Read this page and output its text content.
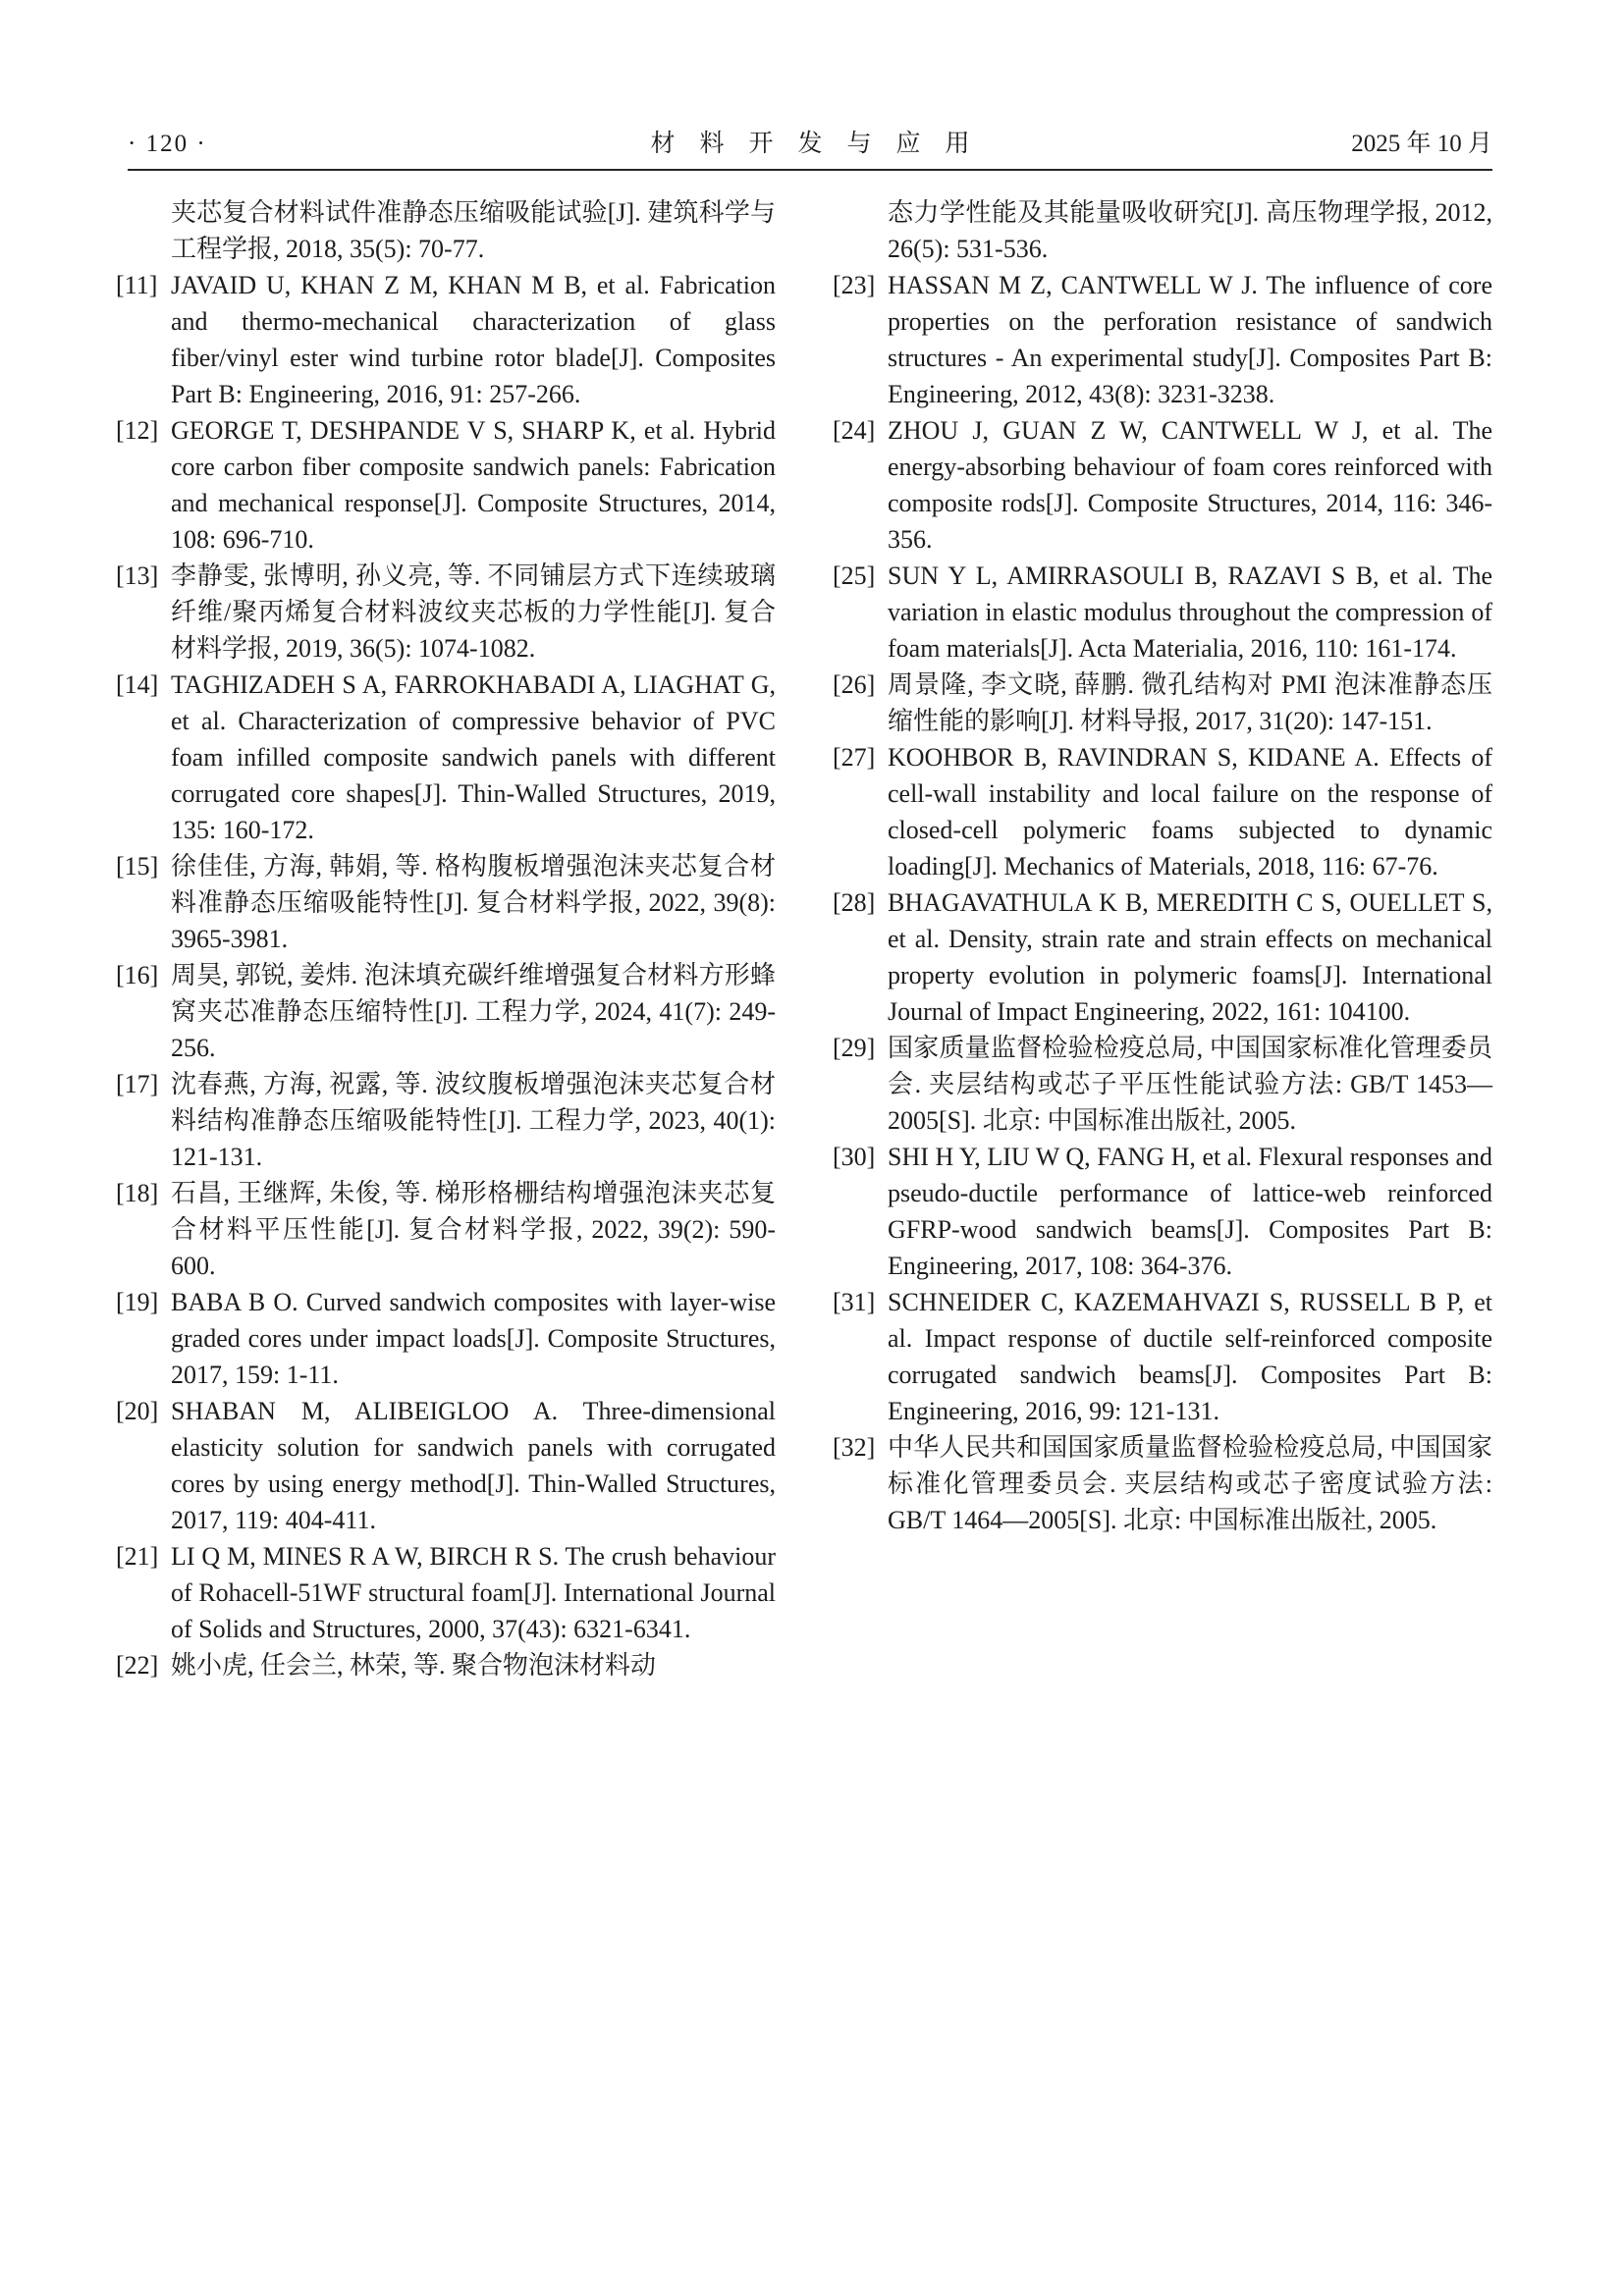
· 120 ·	材料开发与应用	2025 年 10 月
夹芯复合材料试件准静态压缩吸能试验[J]. 建筑科学与工程学报, 2018, 35(5): 70-77.
[11] JAVAID U, KHAN Z M, KHAN M B, et al. Fabrication and thermo-mechanical characterization of glass fiber/vinyl ester wind turbine rotor blade[J]. Composites Part B: Engineering, 2016, 91: 257-266.
[12] GEORGE T, DESHPANDE V S, SHARP K, et al. Hybrid core carbon fiber composite sandwich panels: Fabrication and mechanical response[J]. Composite Structures, 2014, 108: 696-710.
[13] 李静雯, 张博明, 孙义亮, 等. 不同铺层方式下连续玻璃纤维/聚丙烯复合材料波纹夹芯板的力学性能[J]. 复合材料学报, 2019, 36(5): 1074-1082.
[14] TAGHIZADEH S A, FARROKHABADI A, LIAGHAT G, et al. Characterization of compressive behavior of PVC foam infilled composite sandwich panels with different corrugated core shapes[J]. Thin-Walled Structures, 2019, 135: 160-172.
[15] 徐佳佳, 方海, 韩娟, 等. 格构腹板增强泡沫夹芯复合材料准静态压缩吸能特性[J]. 复合材料学报, 2022, 39(8): 3965-3981.
[16] 周昊, 郭锐, 姜炜. 泡沫填充碳纤维增强复合材料方形蜂窝夹芯准静态压缩特性[J]. 工程力学, 2024, 41(7): 249-256.
[17] 沈春燕, 方海, 祝露, 等. 波纹腹板增强泡沫夹芯复合材料结构准静态压缩吸能特性[J]. 工程力学, 2023, 40(1): 121-131.
[18] 石昌, 王继辉, 朱俊, 等. 梯形格栅结构增强泡沫夹芯复合材料平压性能[J]. 复合材料学报, 2022, 39(2): 590-600.
[19] BABA B O. Curved sandwich composites with layer-wise graded cores under impact loads[J]. Composite Structures, 2017, 159: 1-11.
[20] SHABAN M, ALIBEIGLOO A. Three-dimensional elasticity solution for sandwich panels with corrugated cores by using energy method[J]. Thin-Walled Structures, 2017, 119: 404-411.
[21] LI Q M, MINES R A W, BIRCH R S. The crush behaviour of Rohacell-51WF structural foam[J]. International Journal of Solids and Structures, 2000, 37(43): 6321-6341.
[22] 姚小虎, 任会兰, 林荣, 等. 聚合物泡沫材料动
态力学性能及其能量吸收研究[J]. 高压物理学报, 2012, 26(5): 531-536.
[23] HASSAN M Z, CANTWELL W J. The influence of core properties on the perforation resistance of sandwich structures - An experimental study[J]. Composites Part B: Engineering, 2012, 43(8): 3231-3238.
[24] ZHOU J, GUAN Z W, CANTWELL W J, et al. The energy-absorbing behaviour of foam cores reinforced with composite rods[J]. Composite Structures, 2014, 116: 346-356.
[25] SUN Y L, AMIRRASOULI B, RAZAVI S B, et al. The variation in elastic modulus throughout the compression of foam materials[J]. Acta Materialia, 2016, 110: 161-174.
[26] 周景隆, 李文晓, 薛鹏. 微孔结构对 PMI 泡沫准静态压缩性能的影响[J]. 材料导报, 2017, 31(20): 147-151.
[27] KOOHBOR B, RAVINDRAN S, KIDANE A. Effects of cell-wall instability and local failure on the response of closed-cell polymeric foams subjected to dynamic loading[J]. Mechanics of Materials, 2018, 116: 67-76.
[28] BHAGAVATHULA K B, MEREDITH C S, OUELLET S, et al. Density, strain rate and strain effects on mechanical property evolution in polymeric foams[J]. International Journal of Impact Engineering, 2022, 161: 104100.
[29] 国家质量监督检验检疫总局, 中国国家标准化管理委员会. 夹层结构或芯子平压性能试验方法: GB/T 1453—2005[S]. 北京: 中国标准出版社, 2005.
[30] SHI H Y, LIU W Q, FANG H, et al. Flexural responses and pseudo-ductile performance of lattice-web reinforced GFRP-wood sandwich beams[J]. Composites Part B: Engineering, 2017, 108: 364-376.
[31] SCHNEIDER C, KAZEMAHVAZI S, RUSSELL B P, et al. Impact response of ductile self-reinforced composite corrugated sandwich beams[J]. Composites Part B: Engineering, 2016, 99: 121-131.
[32] 中华人民共和国国家质量监督检验检疫总局, 中国国家标准化管理委员会. 夹层结构或芯子密度试验方法: GB/T 1464—2005[S]. 北京: 中国标准出版社, 2005.
